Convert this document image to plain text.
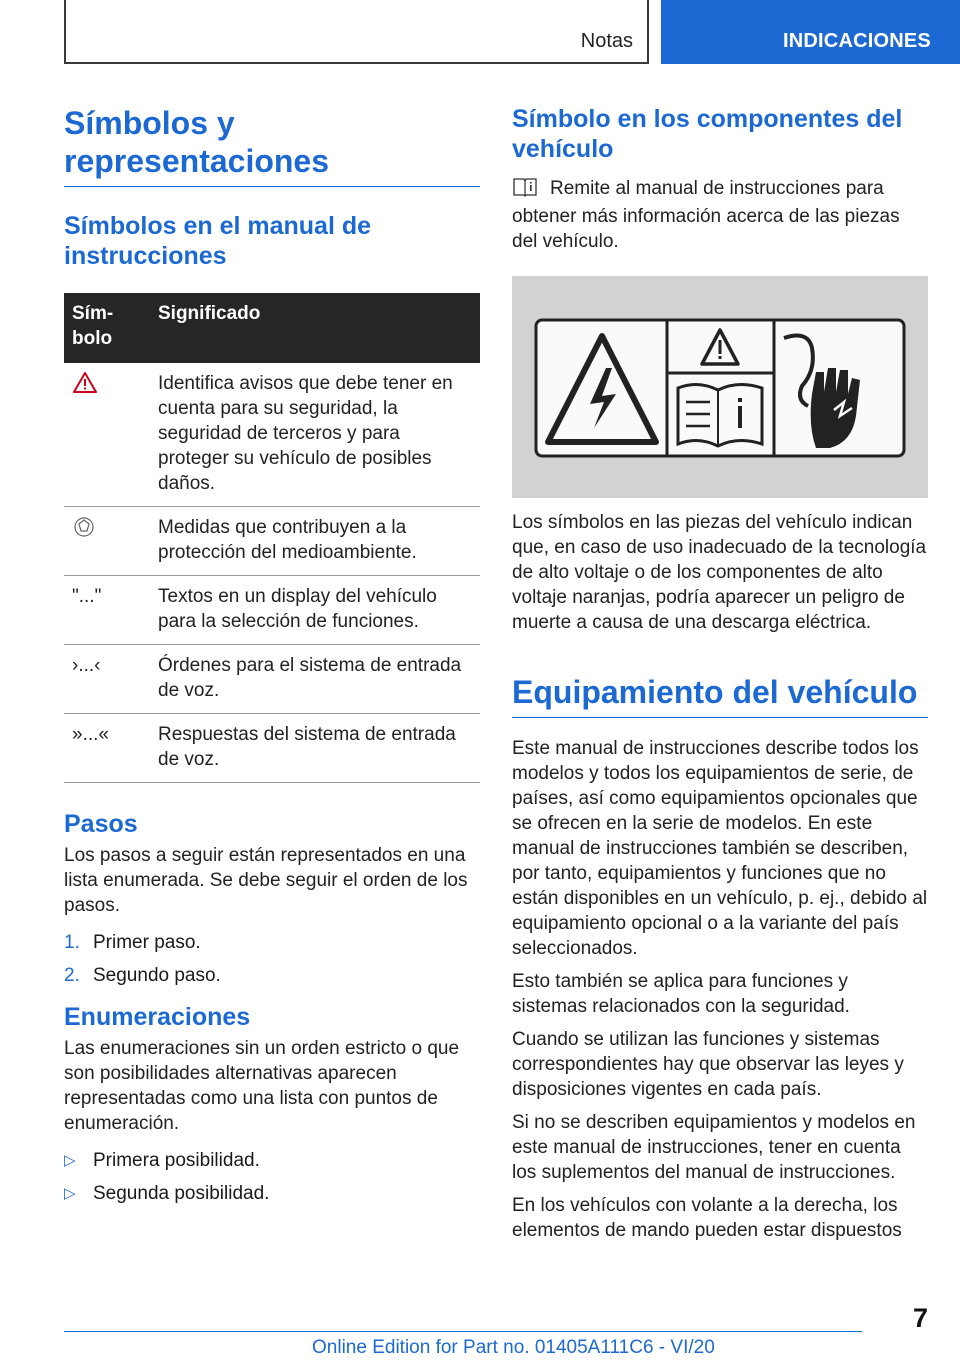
Notas	INDICACIONES
Símbolos y representaciones
Símbolos en el manual de instrucciones
Sím-
bolo	Significado
	Identifica avisos que debe tener en cuenta para su seguridad, la seguridad de terceros y para proteger su vehículo de posibles daños.
	Medidas que contribuyen a la protección del medioambiente.
"..."	Textos en un display del vehículo para la selección de funciones.
›...‹	Órdenes para el sistema de entrada de voz.
»...«	Respuestas del sistema de entrada de voz.
Pasos

Los pasos a seguir están representados en una lista enumerada. Se debe seguir el orden de los pasos.

1. Primer paso.
2. Segundo paso.
Enumeraciones

Las enumeraciones sin un orden estricto o que son posibilidades alternativas aparecen representadas como una lista con puntos de enumeración.

▷ Primera posibilidad.
▷ Segunda posibilidad.
Símbolo en los componentes del vehículo

Remite al manual de instrucciones para obtener más información acerca de las piezas del vehículo.

Los símbolos en las piezas del vehículo indican que, en caso de uso inadecuado de la tecnología de alto voltaje o de los componentes de alto voltaje naranjas, podría aparecer un peligro de muerte a causa de una descarga eléctrica.

Equipamiento del vehículo

Este manual de instrucciones describe todos los modelos y todos los equipamientos de serie, de países, así como equipamientos opcionales que se ofrecen en la serie de modelos. En este manual de instrucciones también se describen, por tanto, equipamientos y funciones que no están disponibles en un vehículo, p. ej., debido al equipamiento opcional o a la variante del país seleccionados.

Esto también se aplica para funciones y sistemas relacionados con la seguridad.

Cuando se utilizan las funciones y sistemas correspondientes hay que observar las leyes y disposiciones vigentes en cada país.

Si no se describen equipamientos y modelos en este manual de instrucciones, tener en cuenta los suplementos del manual de instrucciones.

En los vehículos con volante a la derecha, los elementos de mando pueden estar dispuestos

7
Online Edition for Part no. 01405A111C6 - VI/20
